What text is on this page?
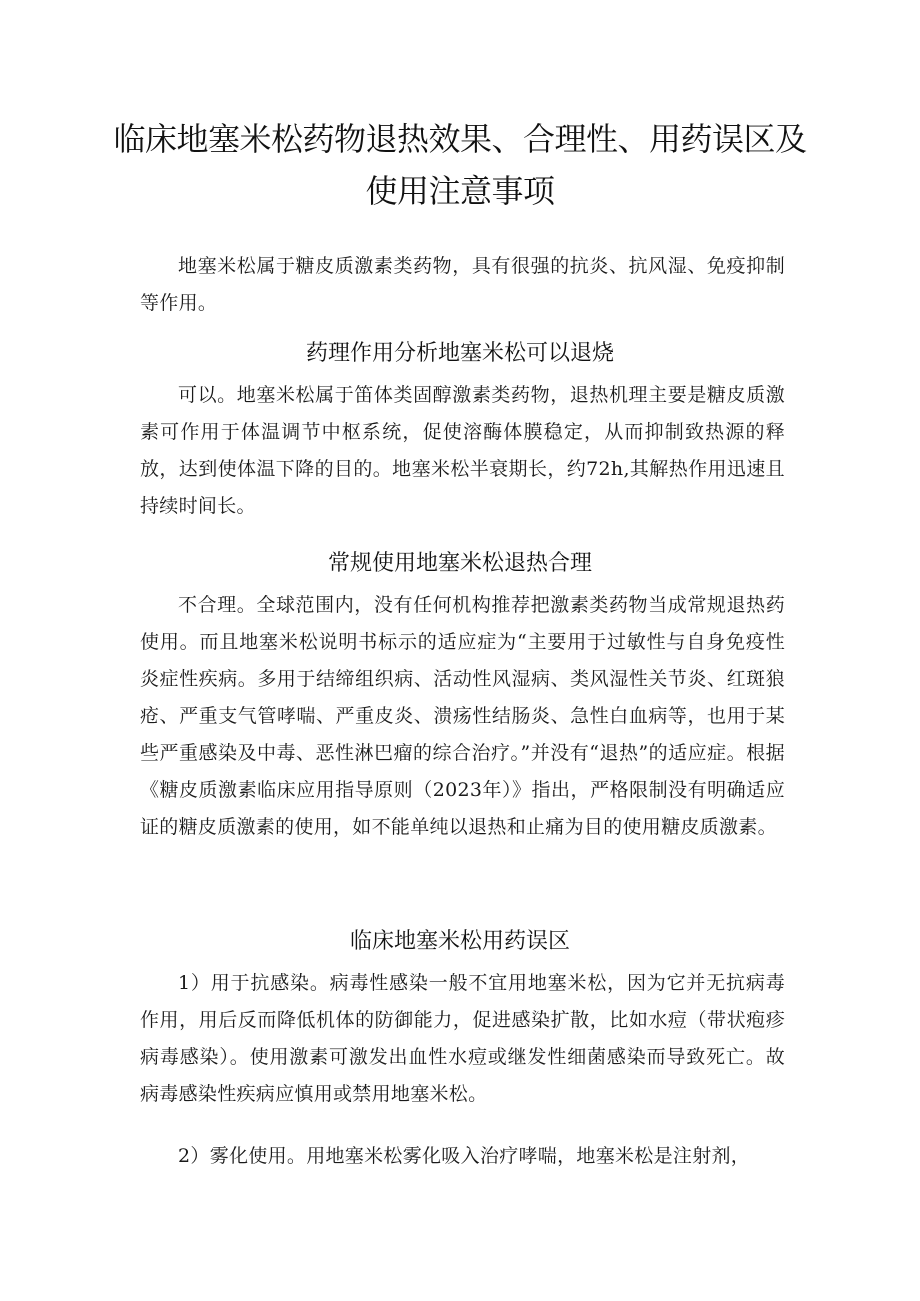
临床地塞米松药物退热效果、合理性、用药误区及使用注意事项

地塞米松属于糖皮质激素类药物，具有很强的抗炎、抗风湿、免疫抑制等作用。

药理作用分析地塞米松可以退烧

可以。地塞米松属于笛体类固醇激素类药物，退热机理主要是糖皮质激素可作用于体温调节中枢系统，促使溶酶体膜稳定，从而抑制致热源的释放，达到使体温下降的目的。地塞米松半衰期长，约72h,其解热作用迅速且持续时间长。

常规使用地塞米松退热合理

不合理。全球范围内，没有任何机构推荐把激素类药物当成常规退热药使用。而且地塞米松说明书标示的适应症为“主要用于过敏性与自身免疫性炎症性疾病。多用于结缔组织病、活动性风湿病、类风湿性关节炎、红斑狼疮、严重支气管哮喘、严重皮炎、溃疡性结肠炎、急性白血病等，也用于某些严重感染及中毒、恶性淋巴瘤的综合治疗。”并没有“退热”的适应症。根据《糖皮质激素临床应用指导原则（2023年）》指出，严格限制没有明确适应证的糖皮质激素的使用，如不能单纯以退热和止痛为目的使用糖皮质激素。

临床地塞米松用药误区

1）用于抗感染。病毒性感染一般不宜用地塞米松，因为它并无抗病毒作用，用后反而降低机体的防御能力，促进感染扩散，比如水痘（带状疱疹病毒感染）。使用激素可激发出血性水痘或继发性细菌感染而导致死亡。故病毒感染性疾病应慎用或禁用地塞米松。

2）雾化使用。用地塞米松雾化吸入治疗哮喘，地塞米松是注射剂，
